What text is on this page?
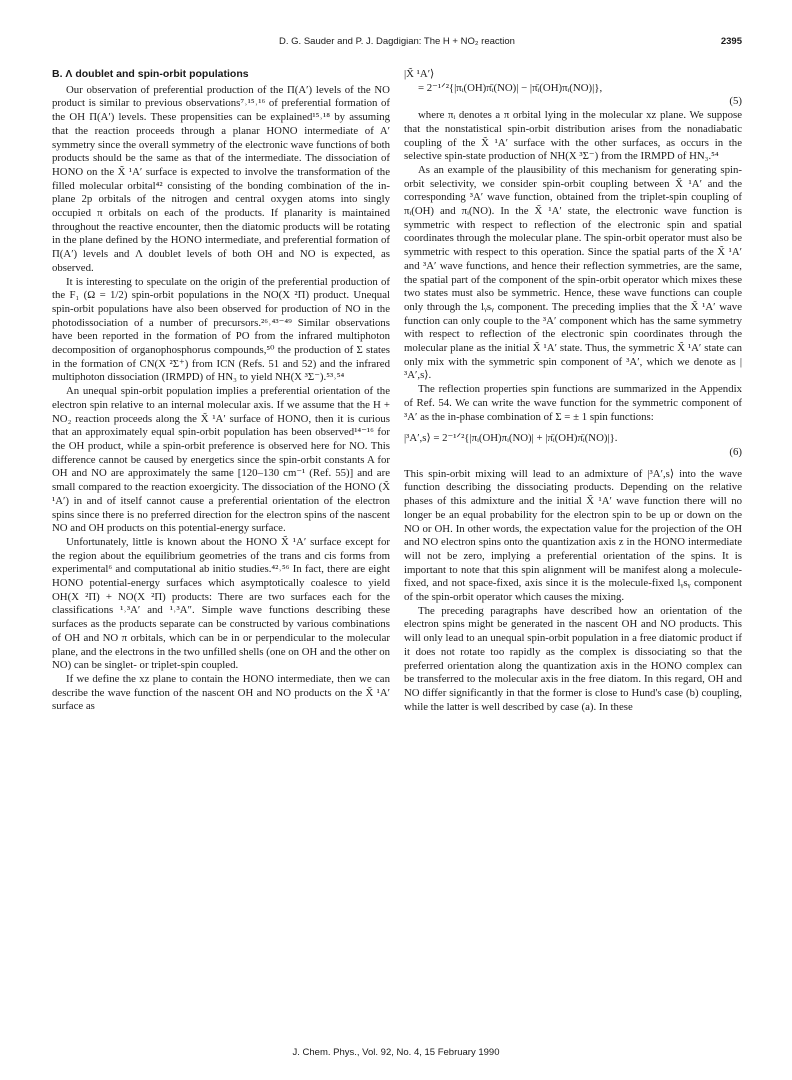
D. G. Sauder and P. J. Dagdigian: The H + NO₂ reaction	2395
B. Λ doublet and spin-orbit populations

Our observation of preferential production of the Π(A′) levels of the NO product is similar to previous observations⁷˒¹⁵˒¹⁶ of preferential formation of the OH Π(A′) levels. These propensities can be explained¹⁵˒¹⁸ by assuming that the reaction proceeds through a planar HONO intermediate of A′ symmetry since the overall symmetry of the electronic wave functions of both products should be the same as that of the intermediate. The dissociation of HONO on the X̃ ¹A′ surface is expected to involve the transformation of the filled molecular orbital⁴² consisting of the bonding combination of the in-plane 2p orbitals of the nitrogen and central oxygen atoms into singly occupied π orbitals on each of the products. If planarity is maintained throughout the reactive encounter, then the diatomic products will be rotating in the plane defined by the HONO intermediate, and preferential formation of Π(A′) levels and Λ doublet levels of both OH and NO is expected, as observed.

It is interesting to speculate on the origin of the preferential production of the F₁ (Ω = 1/2) spin-orbit populations in the NO(X ²Π) product. Unequal spin-orbit populations have also been observed for production of NO in the photodissociation of a number of precursors.²⁶˒⁴³⁻⁴⁹ Similar observations have been reported in the formation of PO from the infrared multiphoton decomposition of organophosphorus compounds,⁵⁰ the production of Σ states in the formation of CN(X ²Σ⁺) from ICN (Refs. 51 and 52) and the infrared multiphoton dissociation (IRMPD) of HN₃ to yield NH(X ³Σ⁻).⁵³˒⁵⁴

An unequal spin-orbit population implies a preferential orientation of the electron spin relative to an internal molecular axis. If we assume that the H + NO₂ reaction proceeds along the X̃ ¹A′ surface of HONO, then it is curious that an approximately equal spin-orbit population has been observed¹⁴⁻¹⁶ for the OH product, while a spin-orbit preference is observed here for NO. This difference cannot be caused by energetics since the spin-orbit constants A for OH and NO are approximately the same [120–130 cm⁻¹ (Ref. 55)] and are small compared to the reaction exoergicity. The dissociation of the HONO (X̃ ¹A′) in and of itself cannot cause a preferential orientation of the electron spins since there is no preferred direction for the electron spins of the nascent NO and OH products on this potential-energy surface.

Unfortunately, little is known about the HONO X̃ ¹A′ surface except for the region about the equilibrium geometries of the trans and cis forms from experimental⁶ and computational ab initio studies.⁴²˒⁵⁶ In fact, there are eight HONO potential-energy surfaces which asymptotically coalesce to yield OH(X ²Π) + NO(X ²Π) products: There are two surfaces each for the classifications ¹˒³A′ and ¹˒³A″. Simple wave functions describing these surfaces as the products separate can be constructed by various combinations of OH and NO π orbitals, which can be in or perpendicular to the molecular plane, and the electrons in the two unfilled shells (one on OH and the other on NO) can be singlet- or triplet-spin coupled.

If we define the xz plane to contain the HONO intermediate, then we can describe the wave function of the nascent OH and NO products on the X̃ ¹A′ surface as

|X̃ ¹A′⟩
= 2⁻¹ᐟ²{|πᵢ(OH)π̄ᵢ(NO)| − |π̄ᵢ(OH)πᵢ(NO)|},
(5)

where πᵢ denotes a π orbital lying in the molecular xz plane. We suppose that the nonstatistical spin-orbit distribution arises from the nonadiabatic coupling of the X̃ ¹A′ surface with the other surfaces, as occurs in the selective spin-state production of NH(X ³Σ⁻) from the IRMPD of HN₃.⁵⁴

As an example of the plausibility of this mechanism for generating spin-orbit selectivity, we consider spin-orbit coupling between X̃ ¹A′ and the corresponding ³A′ wave function, obtained from the triplet-spin coupling of πᵢ(OH) and πᵢ(NO). In the X̃ ¹A′ state, the electronic wave function is symmetric with respect to reflection of the electronic spin and spatial coordinates through the molecular plane. The spin-orbit operator must also be symmetric with respect to this operation. Since the spatial parts of the X̃ ¹A′ and ³A′ wave functions, and hence their reflection symmetries, are the same, the spatial part of the component of the spin-orbit operator which mixes these two states must also be symmetric. Hence, these wave functions can couple only through the lᵧsᵧ component. The preceding implies that the X̃ ¹A′ wave function can only couple to the ³A′ component which has the same symmetry with respect to reflection of the electronic spin coordinates through the molecular plane as the initial X̃ ¹A′ state. Thus, the symmetric X̃ ¹A′ state can only mix with the symmetric spin component of ³A′, which we denote as |³A′,s⟩.

The reflection properties spin functions are summarized in the Appendix of Ref. 54. We can write the wave function for the symmetric component of ³A′ as the in-phase combination of Σ = ± 1 spin functions:

|³A′,s⟩ = 2⁻¹ᐟ²{|πᵢ(OH)πᵢ(NO)| + |π̄ᵢ(OH)π̄ᵢ(NO)|}.
(6)

This spin-orbit mixing will lead to an admixture of |³A′,s⟩ into the wave function describing the dissociating products. Depending on the relative phases of this admixture and the initial X̃ ¹A′ wave function there will no longer be an equal probability for the electron spin to be up or down on the NO or OH. In other words, the expectation value for the projection of the OH and NO electron spins onto the quantization axis z in the HONO intermediate will not be zero, implying a preferential orientation of the spins. It is important to note that this spin alignment will be manifest along a molecule-fixed, and not space-fixed, axis since it is the molecule-fixed lᵧsᵧ component of the spin-orbit operator which causes the mixing.

The preceding paragraphs have described how an orientation of the electron spins might be generated in the nascent OH and NO products. This will only lead to an unequal spin-orbit population in a free diatomic product if it does not rotate too rapidly as the complex is dissociating so that the preferred orientation along the quantization axis in the HONO complex can be transferred to the molecular axis in the free diatom. In this regard, OH and NO differ significantly in that the former is close to Hund's case (b) coupling, while the latter is well described by case (a). In these

J. Chem. Phys., Vol. 92, No. 4, 15 February 1990
